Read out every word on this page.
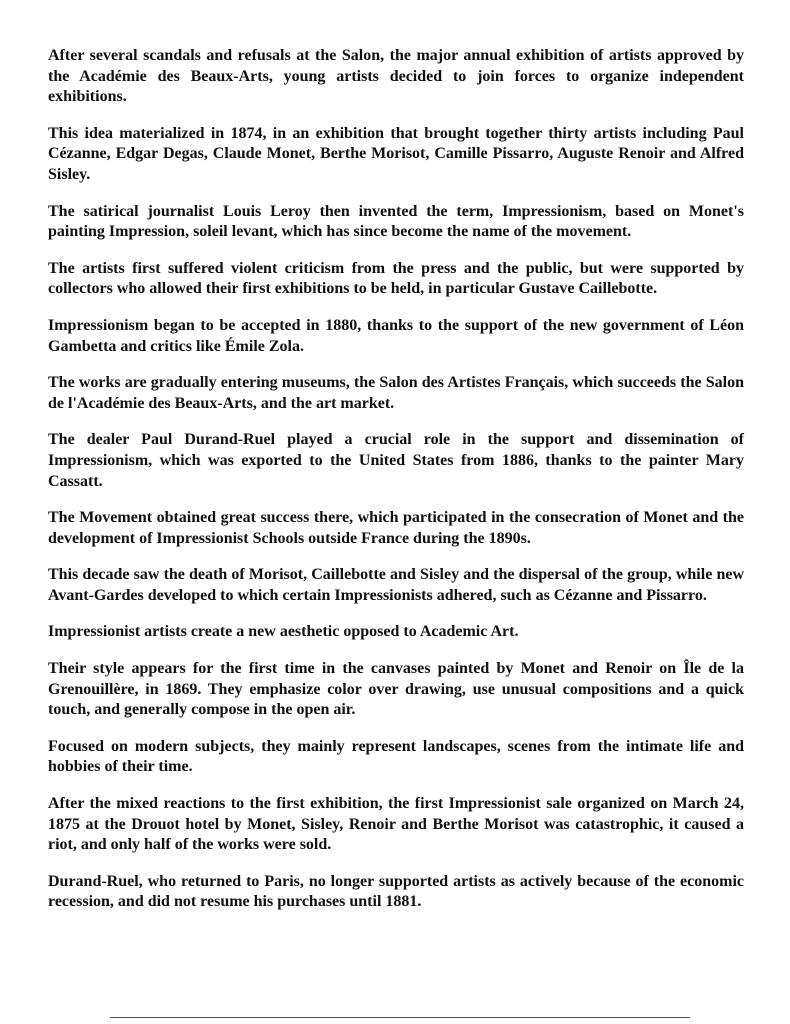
After several scandals and refusals at the Salon, the major annual exhibition of artists approved by the Académie des Beaux-Arts, young artists decided to join forces to organize independent exhibitions.

This idea materialized in 1874, in an exhibition that brought together thirty artists including Paul Cézanne, Edgar Degas, Claude Monet, Berthe Morisot, Camille Pissarro, Auguste Renoir and Alfred Sisley.

The satirical journalist Louis Leroy then invented the term, Impressionism, based on Monet's painting Impression, soleil levant, which has since become the name of the movement.

The artists first suffered violent criticism from the press and the public, but were supported by collectors who allowed their first exhibitions to be held, in particular Gustave Caillebotte.

Impressionism began to be accepted in 1880, thanks to the support of the new government of Léon Gambetta and critics like Émile Zola.

The works are gradually entering museums, the Salon des Artistes Français, which succeeds the Salon de l'Académie des Beaux-Arts, and the art market.

The dealer Paul Durand-Ruel played a crucial role in the support and dissemination of Impressionism, which was exported to the United States from 1886, thanks to the painter Mary Cassatt.

The Movement obtained great success there, which participated in the consecration of Monet and the development of Impressionist Schools outside France during the 1890s.

This decade saw the death of Morisot, Caillebotte and Sisley and the dispersal of the group, while new Avant-Gardes developed to which certain Impressionists adhered, such as Cézanne and Pissarro.

Impressionist artists create a new aesthetic opposed to Academic Art.

Their style appears for the first time in the canvases painted by Monet and Renoir on Île de la Grenouillère, in 1869. They emphasize color over drawing, use unusual compositions and a quick touch, and generally compose in the open air.

Focused on modern subjects, they mainly represent landscapes, scenes from the intimate life and hobbies of their time.

After the mixed reactions to the first exhibition, the first Impressionist sale organized on March 24, 1875 at the Drouot hotel by Monet, Sisley, Renoir and Berthe Morisot was catastrophic, it caused a riot, and only half of the works were sold.

Durand-Ruel, who returned to Paris, no longer supported artists as actively because of the economic recession, and did not resume his purchases until 1881.
